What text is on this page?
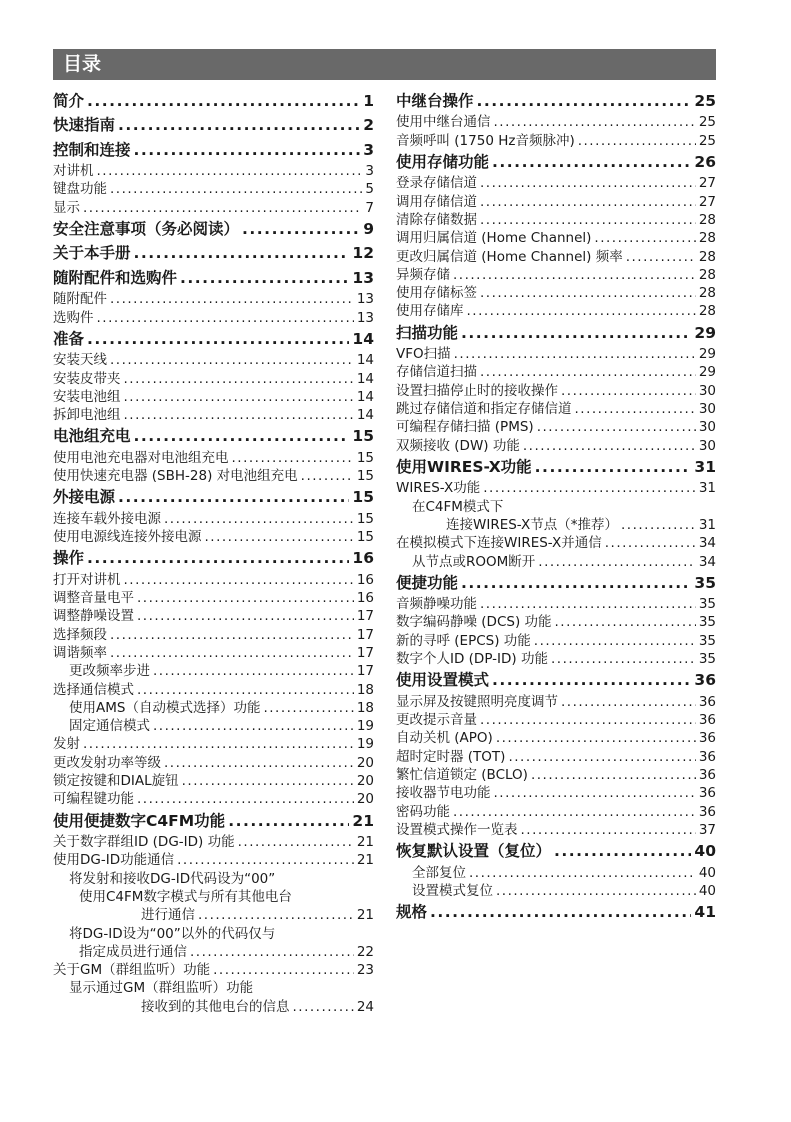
目录
简介 .....	1
快速指南 .....	2
控制和连接 .....	3
对讲机 .....	3
键盘功能 .....	5
显示 .....	7
安全注意事项（务必阅读） .....	9
关于本手册 .....	12
随附配件和选购件 .....	13
随附配件 .....	13
选购件 .....	13
准备 .....	14
安装天线 .....	14
安装皮带夹 .....	14
安装电池组 .....	14
拆卸电池组 .....	14
电池组充电 .....	15
使用电池充电器对电池组充电 .....	15
使用快速充电器 (SBH-28) 对电池组充电 .....	15
外接电源 .....	15
连接车载外接电源 .....	15
使用电源线连接外接电源 .....	15
操作 .....	16
打开对讲机 .....	16
调整音量电平 .....	16
调整静噪设置 .....	17
选择频段 .....	17
调谐频率 .....	17
更改频率步进 .....	17
选择通信模式 .....	18
使用AMS（自动模式选择）功能 .....	18
固定通信模式 .....	19
发射 .....	19
更改发射功率等级 .....	20
锁定按键和DIAL旋钮 .....	20
可编程键功能 .....	20
使用便捷数字C4FM功能 .....	21
关于数字群组ID (DG-ID) 功能 .....	21
使用DG-ID功能通信 .....	21
将发射和接收DG-ID代码设为“00”
使用C4FM数字模式与所有其他电台
进行通信 .....	21
将DG-ID设为“00”以外的代码仅与
指定成员进行通信 .....	22
关于GM（群组监听）功能 .....	23
显示通过GM（群组监听）功能
接收到的其他电台的信息 .....	24
中继台操作 .....	25
使用中继台通信 .....	25
音频呼叫 (1750 Hz音频脉冲) .....	25
使用存储功能 .....	26
登录存储信道 .....	27
调用存储信道 .....	27
清除存储数据 .....	28
调用归属信道 (Home Channel) .....	28
更改归属信道 (Home Channel) 频率 .....	28
异频存储 .....	28
使用存储标签 .....	28
使用存储库 .....	28
扫描功能 .....	29
VFO扫描 .....	29
存储信道扫描 .....	29
设置扫描停止时的接收操作 .....	30
跳过存储信道和指定存储信道 .....	30
可编程存储扫描 (PMS) .....	30
双频接收 (DW) 功能 .....	30
使用WIRES-X功能 .....	31
WIRES-X功能 .....	31
在C4FM模式下
连接WIRES-X节点（*推荐） .....	31
在模拟模式下连接WIRES-X并通信 .....	34
从节点或ROOM断开 .....	34
便捷功能 .....	35
音频静噪功能 .....	35
数字编码静噪 (DCS) 功能 .....	35
新的寻呼 (EPCS) 功能 .....	35
数字个人ID (DP-ID) 功能 .....	35
使用设置模式 .....	36
显示屏及按键照明亮度调节 .....	36
更改提示音量 .....	36
自动关机 (APO) .....	36
超时定时器 (TOT) .....	36
繁忙信道锁定 (BCLO) .....	36
接收器节电功能 .....	36
密码功能 .....	36
设置模式操作一览表 .....	37
恢复默认设置（复位） .....	40
全部复位 .....	40
设置模式复位 .....	40
规格 .....	41
